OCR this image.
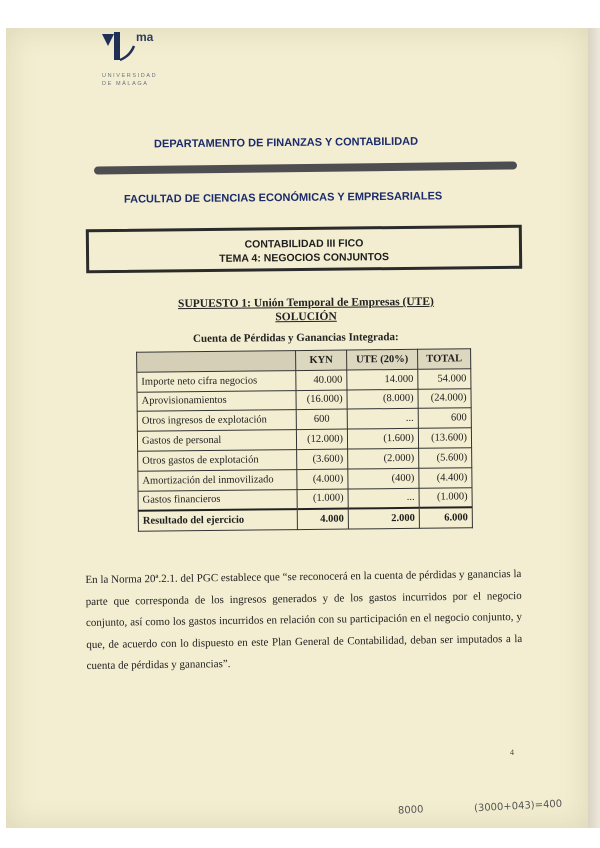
ma
UNIVERSIDAD
DE MÁLAGA
DEPARTAMENTO DE FINANZAS Y CONTABILIDAD
FACULTAD DE CIENCIAS ECONÓMICAS Y EMPRESARIALES
CONTABILIDAD III FICO
TEMA 4: NEGOCIOS CONJUNTOS
SUPUESTO 1: Unión Temporal de Empresas (UTE)
SOLUCIÓN
Cuenta de Pérdidas y Ganancias Integrada:
	KYN	UTE (20%)	TOTAL
Importe neto cifra negocios	40.000	14.000	54.000
Aprovisionamientos	(16.000)	(8.000)	(24.000)
Otros ingresos de explotación	600	...	600
Gastos de personal	(12.000)	(1.600)	(13.600)
Otros gastos de explotación	(3.600)	(2.000)	(5.600)
Amortización del inmovilizado	(4.000)	(400)	(4.400)
Gastos financieros	(1.000)	...	(1.000)
Resultado del ejercicio	4.000	2.000	6.000
En la Norma 20ª.2.1. del PGC establece que “se reconocerá en la cuenta de pérdidas y ganancias la parte que corresponda de los ingresos generados y de los gastos incurridos por el negocio conjunto, así como los gastos incurridos en relación con su participación en el negocio conjunto, y que, de acuerdo con lo dispuesto en este Plan General de Contabilidad, deban ser imputados a la cuenta de pérdidas y ganancias”.
4
8000	(3000+043)=400
